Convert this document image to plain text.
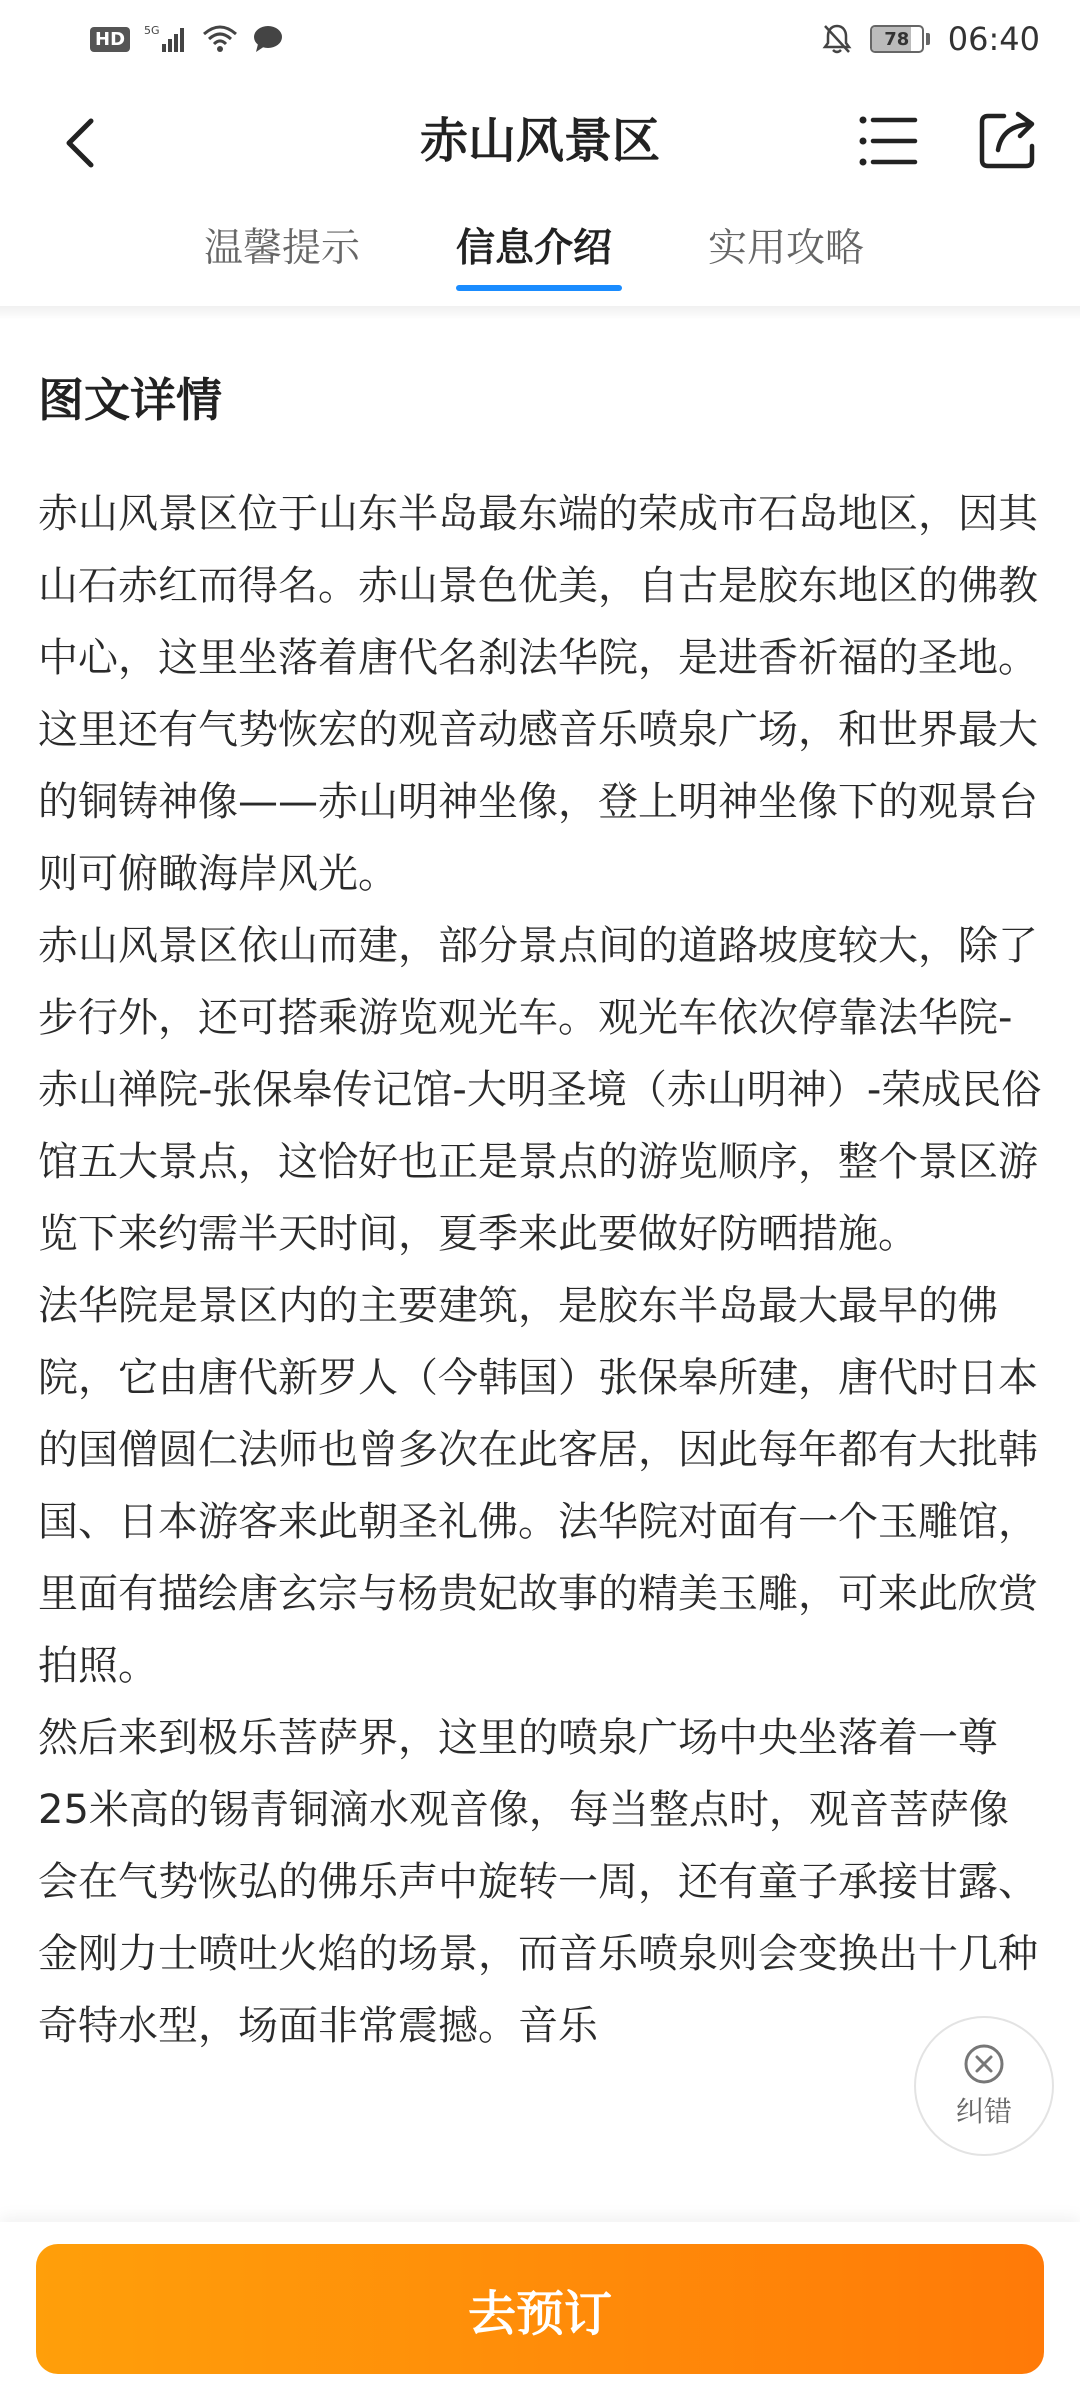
HD	5G	78 06:40
赤山风景区
温馨提示 信息介绍 实用攻略
图文详情

赤山风景区位于山东半岛最东端的荣成市石岛地区，因其山石赤红而得名。赤山景色优美，自古是胶东地区的佛教中心，这里坐落着唐代名刹法华院，是进香祈福的圣地。这里还有气势恢宏的观音动感音乐喷泉广场，和世界最大的铜铸神像——赤山明神坐像，登上明神坐像下的观景台则可俯瞰海岸风光。

赤山风景区依山而建，部分景点间的道路坡度较大，除了步行外，还可搭乘游览观光车。观光车依次停靠法华院-赤山禅院-张保皋传记馆-大明圣境（赤山明神）-荣成民俗馆五大景点，这恰好也正是景点的游览顺序，整个景区游览下来约需半天时间，夏季来此要做好防晒措施。

法华院是景区内的主要建筑，是胶东半岛最大最早的佛院，它由唐代新罗人（今韩国）张保皋所建，唐代时日本的国僧圆仁法师也曾多次在此客居，因此每年都有大批韩国、日本游客来此朝圣礼佛。法华院对面有一个玉雕馆，里面有描绘唐玄宗与杨贵妃故事的精美玉雕，可来此欣赏拍照。

然后来到极乐菩萨界，这里的喷泉广场中央坐落着一尊25米高的锡青铜滴水观音像，每当整点时，观音菩萨像会在气势恢弘的佛乐声中旋转一周，还有童子承接甘露、金刚力士喷吐火焰的场景，而音乐喷泉则会变换出十几种奇特水型，场面非常震撼。音乐

纠错
去预订
